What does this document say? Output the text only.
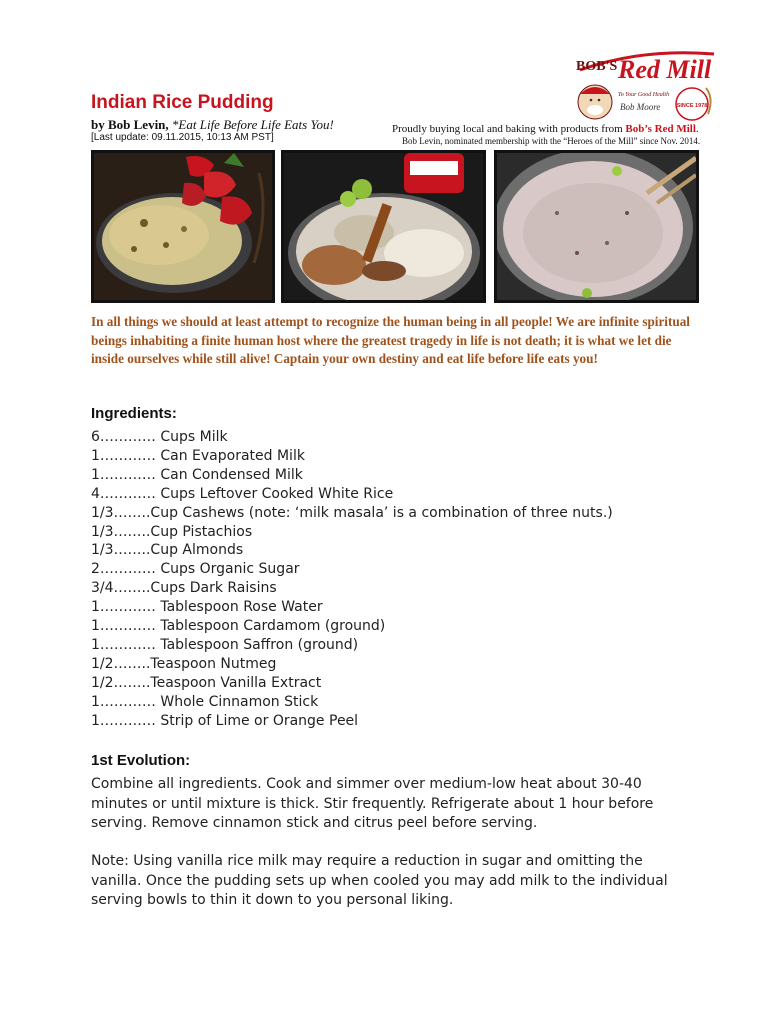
Indian Rice Pudding
by Bob Levin, *Eat Life Before Life Eats You!
[Last update: 09.11.2015, 10:13 AM PST]
Proudly buying local and baking with products from Bob’s Red Mill.
Bob Levin, nominated membership with the “Heroes of the Mill” since Nov. 2014.
BOB'S Red Mill
To Your Good Health
Bob Moore	SINCE 1978
In all things we should at least attempt to recognize the human being in all people! We are infinite spiritual beings inhabiting a finite human host where the greatest tragedy in life is not death; it is what we let die inside ourselves while still alive! Captain your own destiny and eat life before life eats you!
Ingredients:
6………… Cups Milk
1………… Can Evaporated Milk
1………… Can Condensed Milk
4………… Cups Leftover Cooked White Rice
1/3……..Cup Cashews (note: ‘milk masala’ is a combination of three nuts.)
1/3……..Cup Pistachios
1/3……..Cup Almonds
2………… Cups Organic Sugar
3/4……..Cups Dark Raisins
1………… Tablespoon Rose Water
1………… Tablespoon Cardamom (ground)
1………… Tablespoon Saffron (ground)
1/2……..Teaspoon Nutmeg
1/2……..Teaspoon Vanilla Extract
1………… Whole Cinnamon Stick
1………… Strip of Lime or Orange Peel
1st Evolution:
Combine all ingredients. Cook and simmer over medium-low heat about 30-40 minutes or until mixture is thick. Stir frequently. Refrigerate about 1 hour before serving. Remove cinnamon stick and citrus peel before serving.
Note: Using vanilla rice milk may require a reduction in sugar and omitting the vanilla. Once the pudding sets up when cooled you may add milk to the individual serving bowls to thin it down to you personal liking.
